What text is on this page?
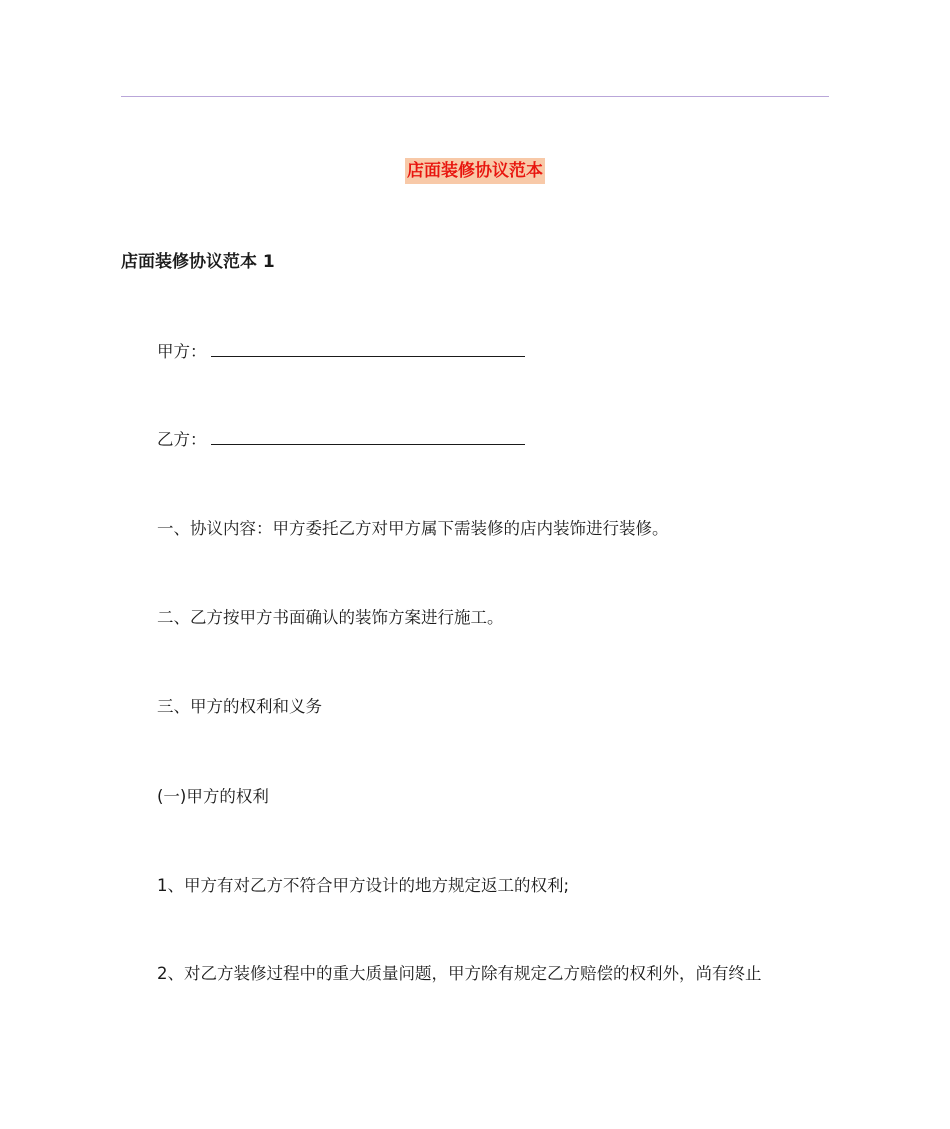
店面装修协议范本
店面装修协议范本 1
甲方：
乙方：
一、协议内容：甲方委托乙方对甲方属下需装修的店内装饰进行装修。
二、乙方按甲方书面确认的装饰方案进行施工。
三、甲方的权利和义务
(一)甲方的权利
1、甲方有对乙方不符合甲方设计的地方规定返工的权利;
2、对乙方装修过程中的重大质量问题，甲方除有规定乙方赔偿的权利外，尚有终止
